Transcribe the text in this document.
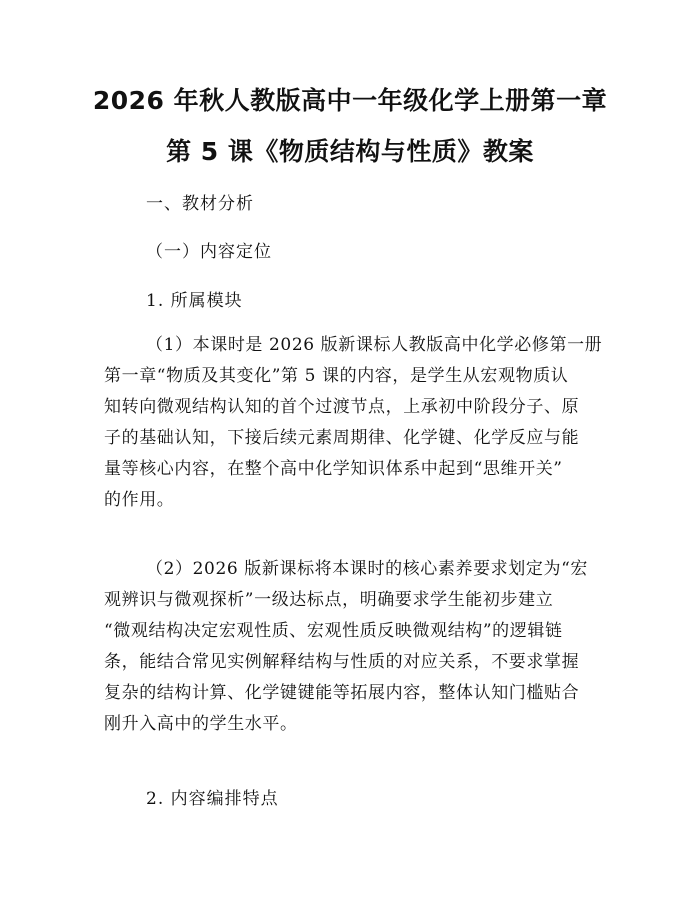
2026 年秋人教版高中一年级化学上册第一章
第 5 课《物质结构与性质》教案
一、教材分析
（一）内容定位
1. 所属模块
（1）本课时是 2026 版新课标人教版高中化学必修第一册
第一章“物质及其变化”第 5 课的内容，是学生从宏观物质认
知转向微观结构认知的首个过渡节点，上承初中阶段分子、原
子的基础认知，下接后续元素周期律、化学键、化学反应与能
量等核心内容，在整个高中化学知识体系中起到“思维开关”
的作用。
（2）2026 版新课标将本课时的核心素养要求划定为“宏
观辨识与微观探析”一级达标点，明确要求学生能初步建立
“微观结构决定宏观性质、宏观性质反映微观结构”的逻辑链
条，能结合常见实例解释结构与性质的对应关系，不要求掌握
复杂的结构计算、化学键键能等拓展内容，整体认知门槛贴合
刚升入高中的学生水平。
2. 内容编排特点
